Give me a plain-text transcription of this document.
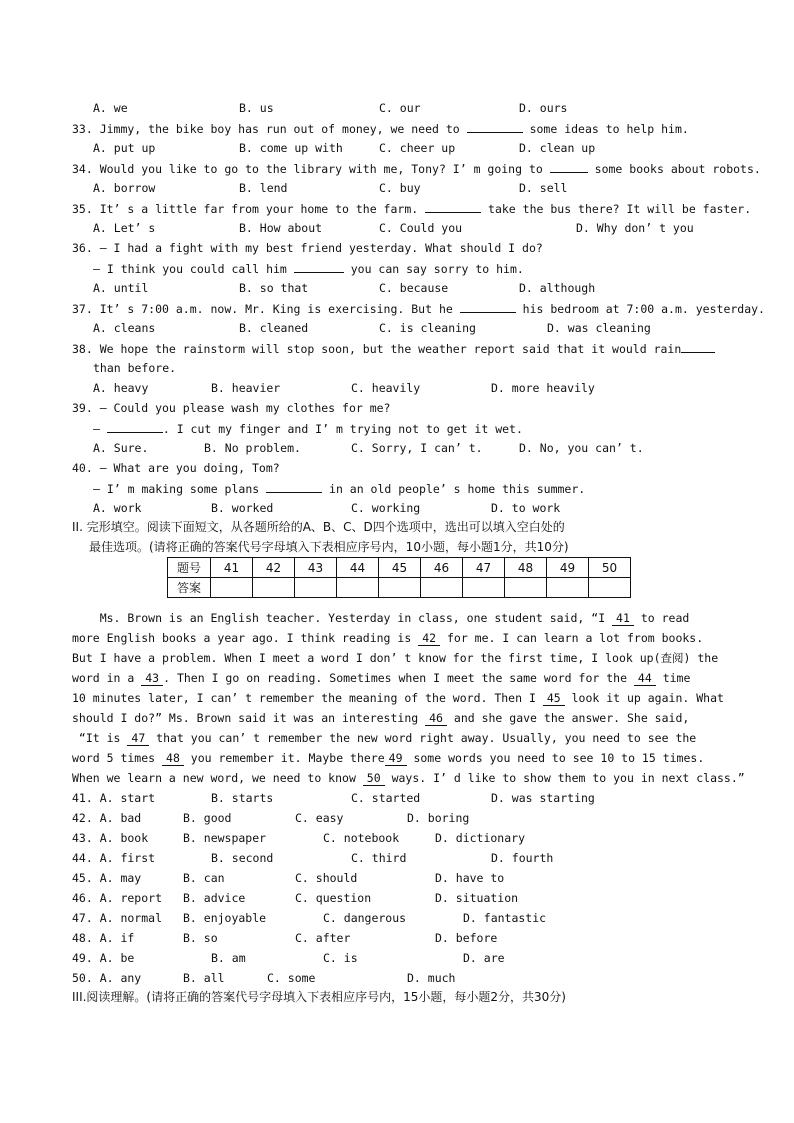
A. we	B. us	C. our	D. ours
33. Jimmy, the bike boy has run out of money, we need to	some ideas to help him.
A. put up	B. come up with	C. cheer up	D. clean up
34. Would you like to go to the library with me, Tony? I’ m going to	some books about robots.
A. borrow	B. lend	C. buy	D. sell
35. It’ s a little far from your home to the farm.	take the bus there? It will be faster.
A. Let’ s	B. How about	C. Could you	D. Why don’ t you
36. — I had a fight with my best friend yesterday. What should I do?
— I think you could call him	you can say sorry to him.
A. until	B. so that	C. because	D. although
37. It’ s 7:00 a.m. now. Mr. King is exercising. But he	his bedroom at 7:00 a.m. yesterday.
A. cleans	B. cleaned	C. is cleaning	D. was cleaning
38. We hope the rainstorm will stop soon, but the weather report said that it would rain
than before.
A. heavy	B. heavier	C. heavily	D. more heavily
39. — Could you please wash my clothes for me?
—	. I cut my finger and I’ m trying not to get it wet.
A. Sure.	B. No problem.	C. Sorry, I can’ t.	D. No, you can’ t.
40. — What are you doing, Tom?
— I’ m making some plans	in an old people’ s home this summer.
A. work	B. worked	C. working	D. to work
II. 完形填空。阅读下面短文，从各题所给的A、B、C、D四个选项中，选出可以填入空白处的
最佳选项。(请将正确的答案代号字母填入下表相应序号内，10小题，每小题1分，共10分)
题号	41	42	43	44	45	46	47	48	49	50
答案										
Ms. Brown is an English teacher. Yesterday in class, one student said, “I 41 to read
more English books a year ago. I think reading is 42 for me. I can learn a lot from books.
But I have a problem. When I meet a word I don’ t know for the first time, I look up(查阅) the
word in a 43 . Then I go on reading. Sometimes when I meet the same word for the 44 time
10 minutes later, I can’ t remember the meaning of the word. Then I 45 look it up again. What
should I do?” Ms. Brown said it was an interesting 46 and she gave the answer. She said,
“It is 47 that you can’ t remember the new word right away. Usually, you need to see the
word 5 times 48 you remember it. Maybe there 49 some words you need to see 10 to 15 times.
When we learn a new word, we need to know 50 ways. I’ d like to show them to you in next class.”
41. A. start	B. starts	C. started	D. was starting
42. A. bad	B. good	C. easy	D. boring
43. A. book	B. newspaper	C. notebook	D. dictionary
44. A. first	B. second	C. third	D. fourth
45. A. may	B. can	C. should	D. have to
46. A. report B. advice	C. question	D. situation
47. A. normal B. enjoyable	C. dangerous	D. fantastic
48. A. if	B. so	C. after	D. before
49. A. be	B. am	C. is	D. are
50. A. any	B. all	C. some	D. much
III.阅读理解。(请将正确的答案代号字母填入下表相应序号内，15小题，每小题2分，共30分)
